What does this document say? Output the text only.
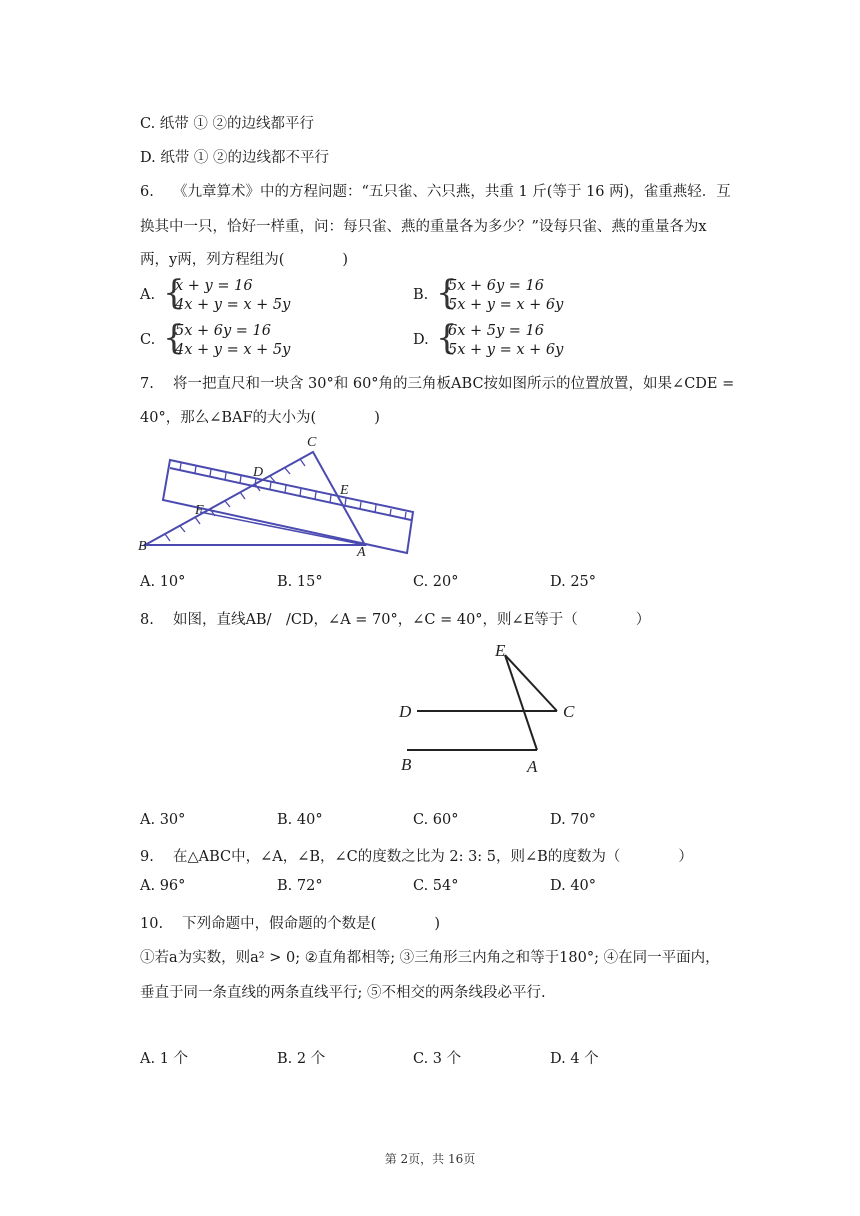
C. 纸带 ① ②的边线都平行
D. 纸带 ① ②的边线都不平行
6.　 《九章算术》中的方程问题：“五只雀、六只燕，共重 1 斤(等于 16 两)，雀重燕轻．互
换其中一只，恰好一样重，问：每只雀、燕的重量各为多少？”设每只雀、燕的重量各为x
两，y两，列方程组为(　　　　)
A. {
x + y = 16
4x + y = x + 5y
B. {
5x + 6y = 16
5x + y = x + 6y
C. {
5x + 6y = 16
4x + y = x + 5y
D. {
6x + 5y = 16
5x + y = x + 6y
7.　 将一把直尺和一块含 30°和 60°角的三角板ABC按如图所示的位置放置，如果∠CDE =
40°，那么∠BAF的大小为(　　　　)
C
D
E
F
B	A
A. 10°	B. 15°	C. 20°	D. 25°
8.　 如图，直线AB/　/CD，∠A = 70°，∠C = 40°，则∠E等于（　　　　）
E
D	C
B	A
A. 30°	B. 40°	C. 60°	D. 70°
9.　 在△ABC中，∠A，∠B，∠C的度数之比为 2: 3: 5，则∠B的度数为（　　　　）
A. 96°	B. 72°	C. 54°	D. 40°
10.　 下列命题中，假命题的个数是(　　　　)
①若a为实数，则a² > 0; ②直角都相等; ③三角形三内角之和等于180°; ④在同一平面内，
垂直于同一条直线的两条直线平行; ⑤不相交的两条线段必平行.
A. 1 个	B. 2 个	C. 3 个	D. 4 个
第 2页，共 16页
